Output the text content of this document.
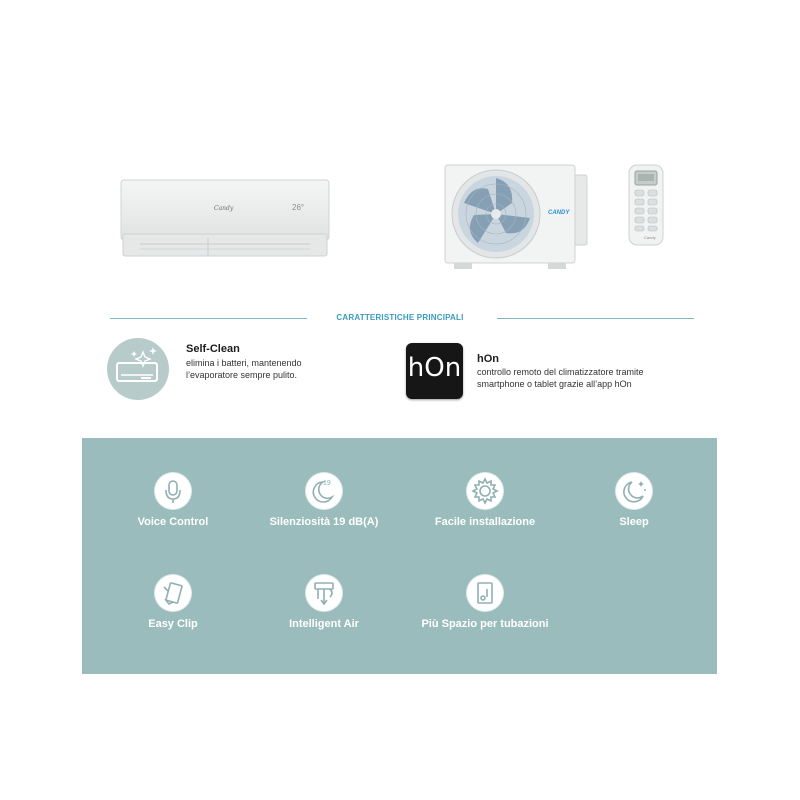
Candy	26°
CANDY
Candy
CARATTERISTICHE PRINCIPALI
Self-Clean
elimina i batteri, mantenendo
l’evaporatore sempre pulito.	hOn hOn
controllo remoto del climatizzatore tramite
smartphone o tablet grazie all’app hOn
Voice Control
19
Silenziosità 19 dB(A)	Facile installazione	Sleep
Easy Clip	Intelligent Air	Più Spazio per tubazioni
